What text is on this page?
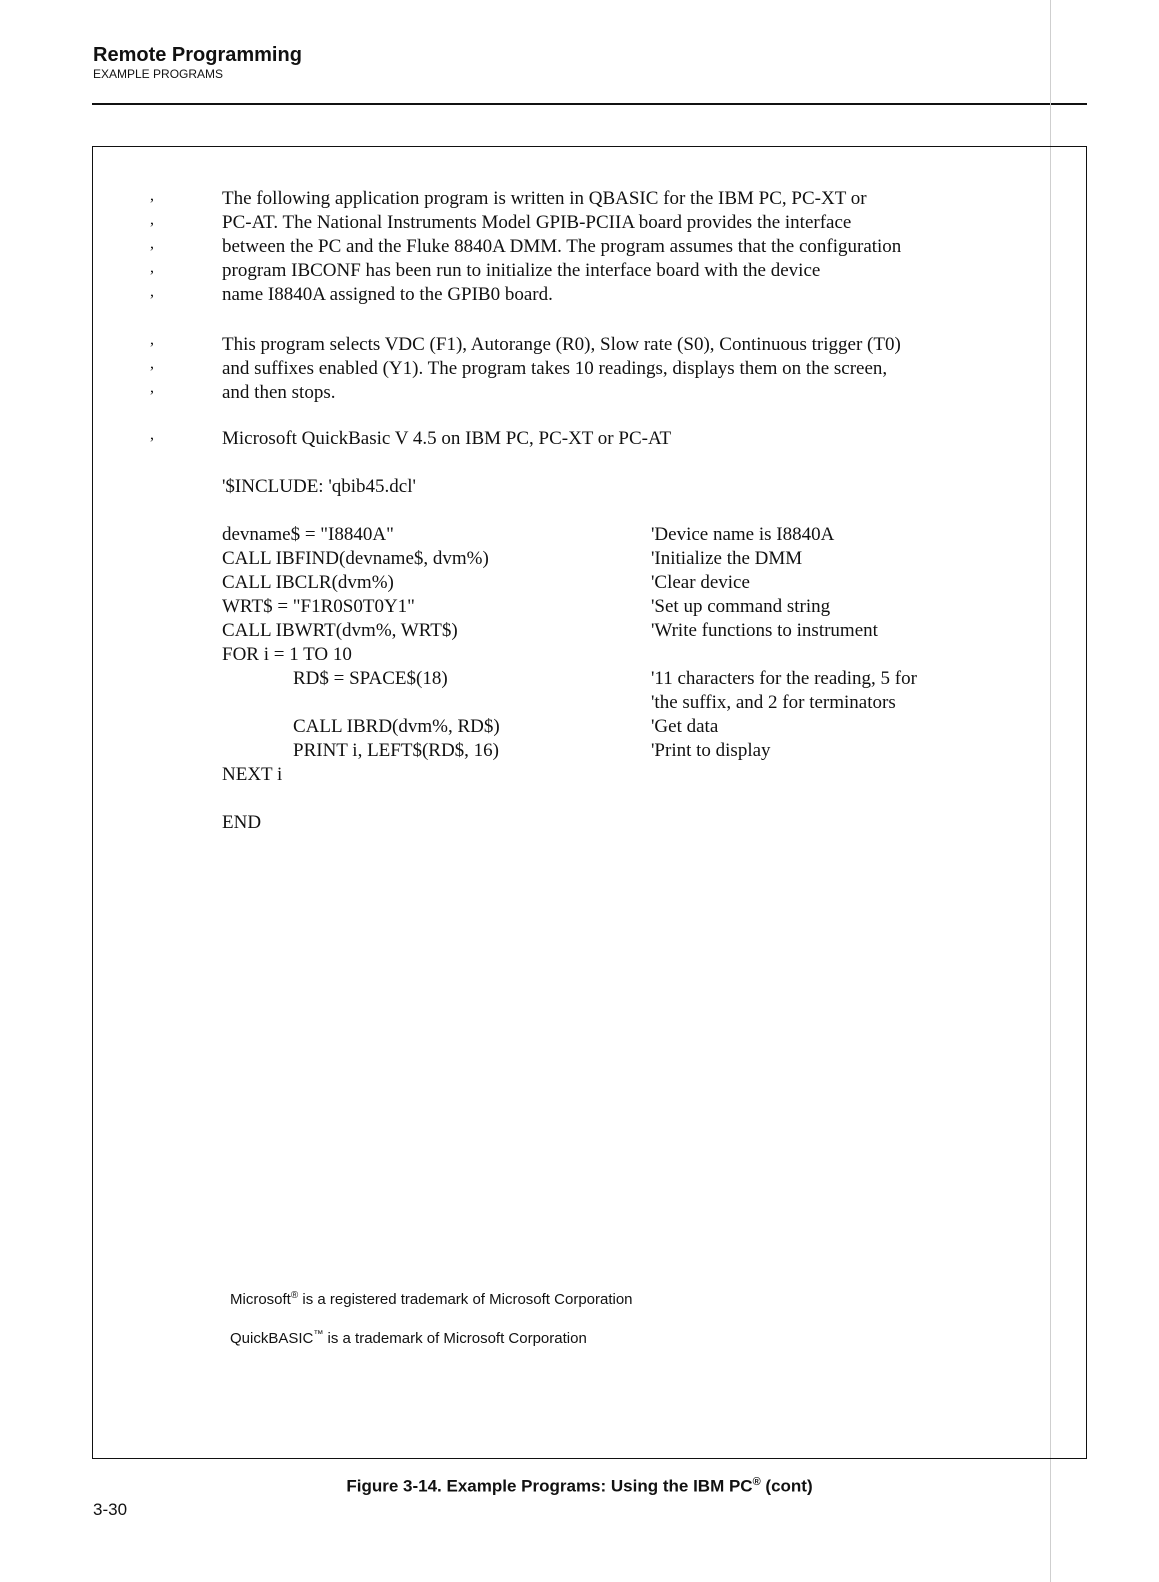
Remote Programming
EXAMPLE PROGRAMS
,
,
,
,
,
,
,
,
,
The following application program is written in QBASIC for the IBM PC, PC-XT or
PC-AT. The National Instruments Model GPIB-PCIIA board provides the interface
between the PC and the Fluke 8840A DMM. The program assumes that the configuration
program IBCONF has been run to initialize the interface board with the device
name I8840A assigned to the GPIB0 board.
This program selects VDC (F1), Autorange (R0), Slow rate (S0), Continuous trigger (T0)
and suffixes enabled (Y1). The program takes 10 readings, displays them on the screen,
and then stops.
Microsoft QuickBasic V 4.5 on IBM PC, PC-XT or PC-AT
'$INCLUDE: 'qbib45.dcl'
devname$ = "I8840A"
CALL IBFIND(devname$, dvm%)
CALL IBCLR(dvm%)
WRT$ = "F1R0S0T0Y1"
CALL IBWRT(dvm%, WRT$)
FOR i = 1 TO 10
RD$ = SPACE$(18)
CALL IBRD(dvm%, RD$)
PRINT i, LEFT$(RD$, 16)
NEXT i
'Device name is I8840A
'Initialize the DMM
'Clear device
'Set up command string
'Write functions to instrument
'11 characters for the reading, 5 for
'the suffix, and 2 for terminators
'Get data
'Print to display
END
Microsoft® is a registered trademark of Microsoft Corporation
QuickBASIC™ is a trademark of Microsoft Corporation
Figure 3-14. Example Programs: Using the IBM PC® (cont)
3-30
